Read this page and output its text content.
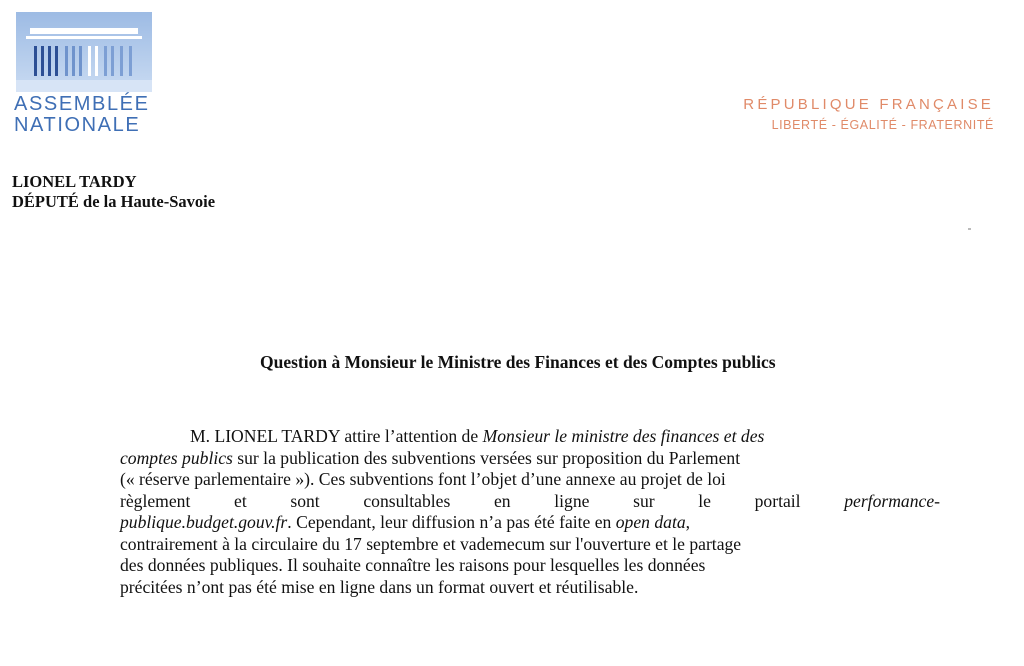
ASSEMBLÉE
NATIONALE
RÉPUBLIQUE FRANÇAISE
LIBERTÉ - ÉGALITÉ - FRATERNITÉ
LIONEL TARDY
DÉPUTÉ de la Haute-Savoie
Question à Monsieur le Ministre des Finances et des Comptes publics
M. LIONEL TARDY attire l’attention de Monsieur le ministre des finances et des
comptes publics sur la publication des subventions versées sur proposition du Parlement
(« réserve parlementaire »). Ces subventions font l’objet d’une annexe au projet de loi
règlement et sont consultables en ligne sur le portail performance-
publique.budget.gouv.fr. Cependant, leur diffusion n’a pas été faite en open data,
contrairement à la circulaire du 17 septembre et vademecum sur l'ouverture et le partage
des données publiques. Il souhaite connaître les raisons pour lesquelles les données
précitées n’ont pas été mise en ligne dans un format ouvert et réutilisable.
